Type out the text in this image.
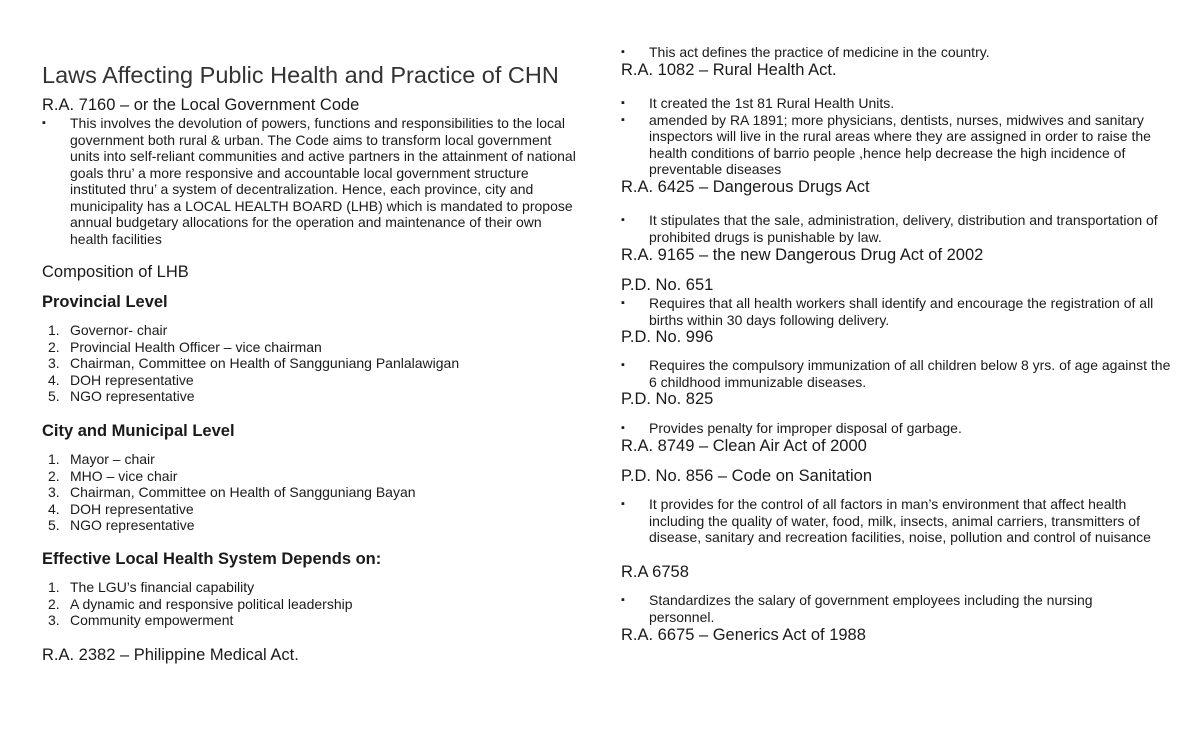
Laws Affecting Public Health and Practice of CHN
R.A. 7160 – or the Local Government Code
▪ This involves the devolution of powers, functions and responsibilities to the local government both rural & urban. The Code aims to transform local government units into self-reliant communities and active partners in the attainment of national goals thru’ a more responsive and accountable local government structure instituted thru’ a system of decentralization. Hence, each province, city and municipality has a LOCAL HEALTH BOARD (LHB) which is mandated to propose annual budgetary allocations for the operation and maintenance of their own health facilities
Composition of LHB
Provincial Level
1. Governor- chair
2. Provincial Health Officer – vice chairman
3. Chairman, Committee on Health of Sangguniang Panlalawigan
4. DOH representative
5. NGO representative
City and Municipal Level
1. Mayor – chair
2. MHO – vice chair
3. Chairman, Committee on Health of Sangguniang Bayan
4. DOH representative
5. NGO representative
Effective Local Health System Depends on:
1. The LGU’s financial capability
2. A dynamic and responsive political leadership
3. Community empowerment
R.A. 2382 – Philippine Medical Act.
▪ This act defines the practice of medicine in the country.
R.A. 1082 – Rural Health Act.
▪ It created the 1st 81 Rural Health Units.
▪ amended by RA 1891; more physicians, dentists, nurses, midwives and sanitary inspectors will live in the rural areas where they are assigned in order to raise the health conditions of barrio people ,hence help decrease the high incidence of preventable diseases
R.A. 6425 – Dangerous Drugs Act
▪ It stipulates that the sale, administration, delivery, distribution and transportation of prohibited drugs is punishable by law.
R.A. 9165 – the new Dangerous Drug Act of 2002
P.D. No. 651
▪ Requires that all health workers shall identify and encourage the registration of all births within 30 days following delivery.
P.D. No. 996
▪ Requires the compulsory immunization of all children below 8 yrs. of age against the 6 childhood immunizable diseases.
P.D. No. 825
▪ Provides penalty for improper disposal of garbage.
R.A. 8749 – Clean Air Act of 2000
P.D. No. 856 – Code on Sanitation
▪ It provides for the control of all factors in man’s environment that affect health including the quality of water, food, milk, insects, animal carriers, transmitters of disease, sanitary and recreation facilities, noise, pollution and control of nuisance
R.A 6758
▪ Standardizes the salary of government employees including the nursing personnel.
R.A. 6675 – Generics Act of 1988
